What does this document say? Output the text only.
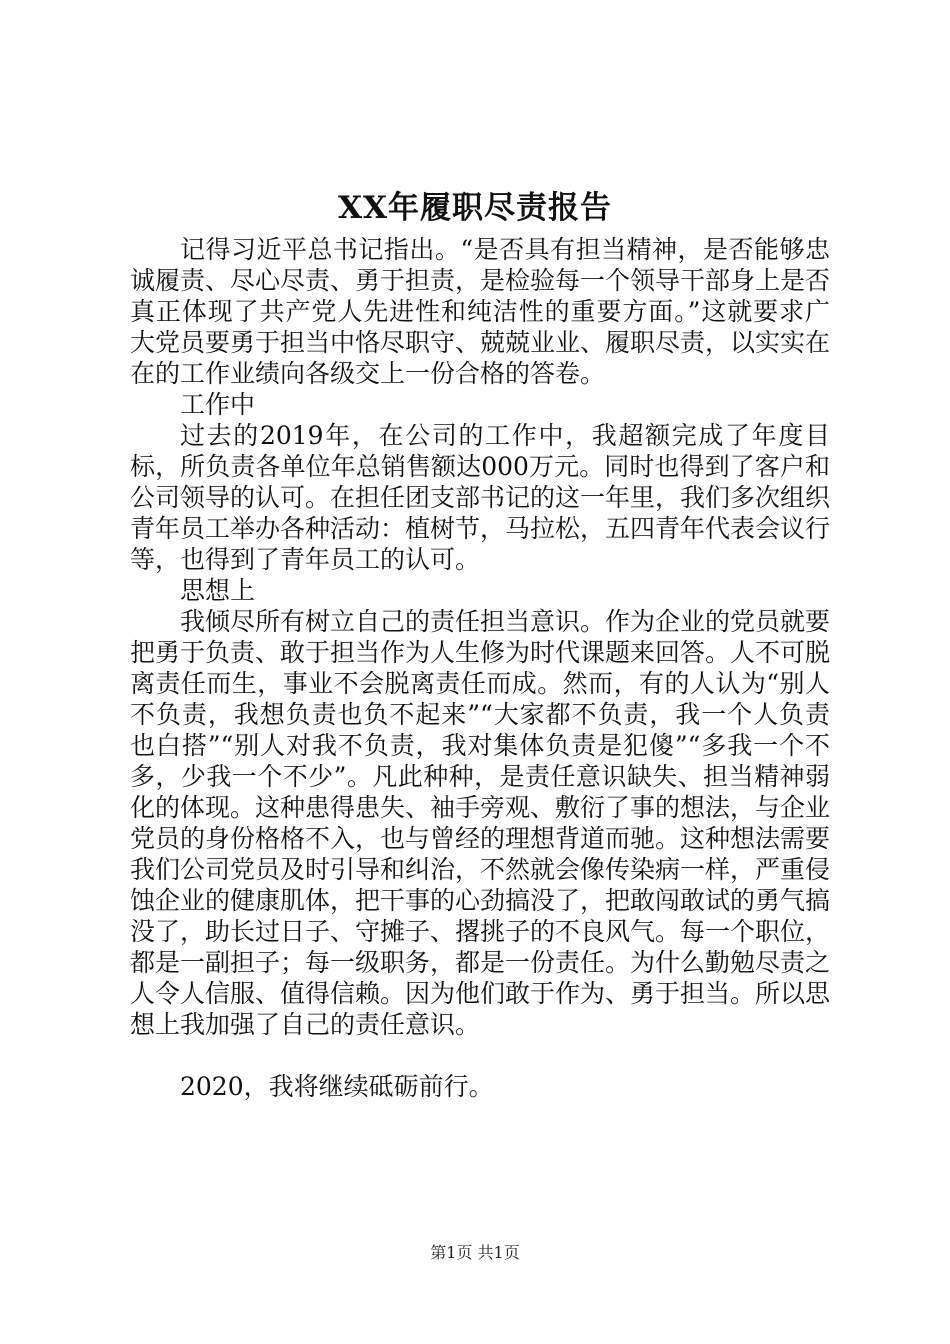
XX年履职尽责报告

记得习近平总书记指出。“是否具有担当精神，是否能够忠诚履责、尽心尽责、勇于担责，是检验每一个领导干部身上是否真正体现了共产党人先进性和纯洁性的重要方面。”这就要求广大党员要勇于担当中恪尽职守、兢兢业业、履职尽责，以实实在在的工作业绩向各级交上一份合格的答卷。

工作中

过去的2019年，在公司的工作中，我超额完成了年度目标，所负责各单位年总销售额达000万元。同时也得到了客户和公司领导的认可。在担任团支部书记的这一年里，我们多次组织青年员工举办各种活动：植树节，马拉松，五四青年代表会议行等，也得到了青年员工的认可。

思想上

我倾尽所有树立自己的责任担当意识。作为企业的党员就要把勇于负责、敢于担当作为人生修为时代课题来回答。人不可脱离责任而生，事业不会脱离责任而成。然而，有的人认为“别人不负责，我想负责也负不起来”“大家都不负责，我一个人负责也白搭”“别人对我不负责，我对集体负责是犯傻”“多我一个不多，少我一个不少”。凡此种种，是责任意识缺失、担当精神弱化的体现。这种患得患失、袖手旁观、敷衍了事的想法，与企业党员的身份格格不入，也与曾经的理想背道而驰。这种想法需要我们公司党员及时引导和纠治，不然就会像传染病一样，严重侵蚀企业的健康肌体，把干事的心劲搞没了，把敢闯敢试的勇气搞没了，助长过日子、守摊子、撂挑子的不良风气。每一个职位，都是一副担子；每一级职务，都是一份责任。为什么勤勉尽责之人令人信服、值得信赖。因为他们敢于作为、勇于担当。所以思想上我加强了自己的责任意识。

2020，我将继续砥砺前行。

第1页 共1页
